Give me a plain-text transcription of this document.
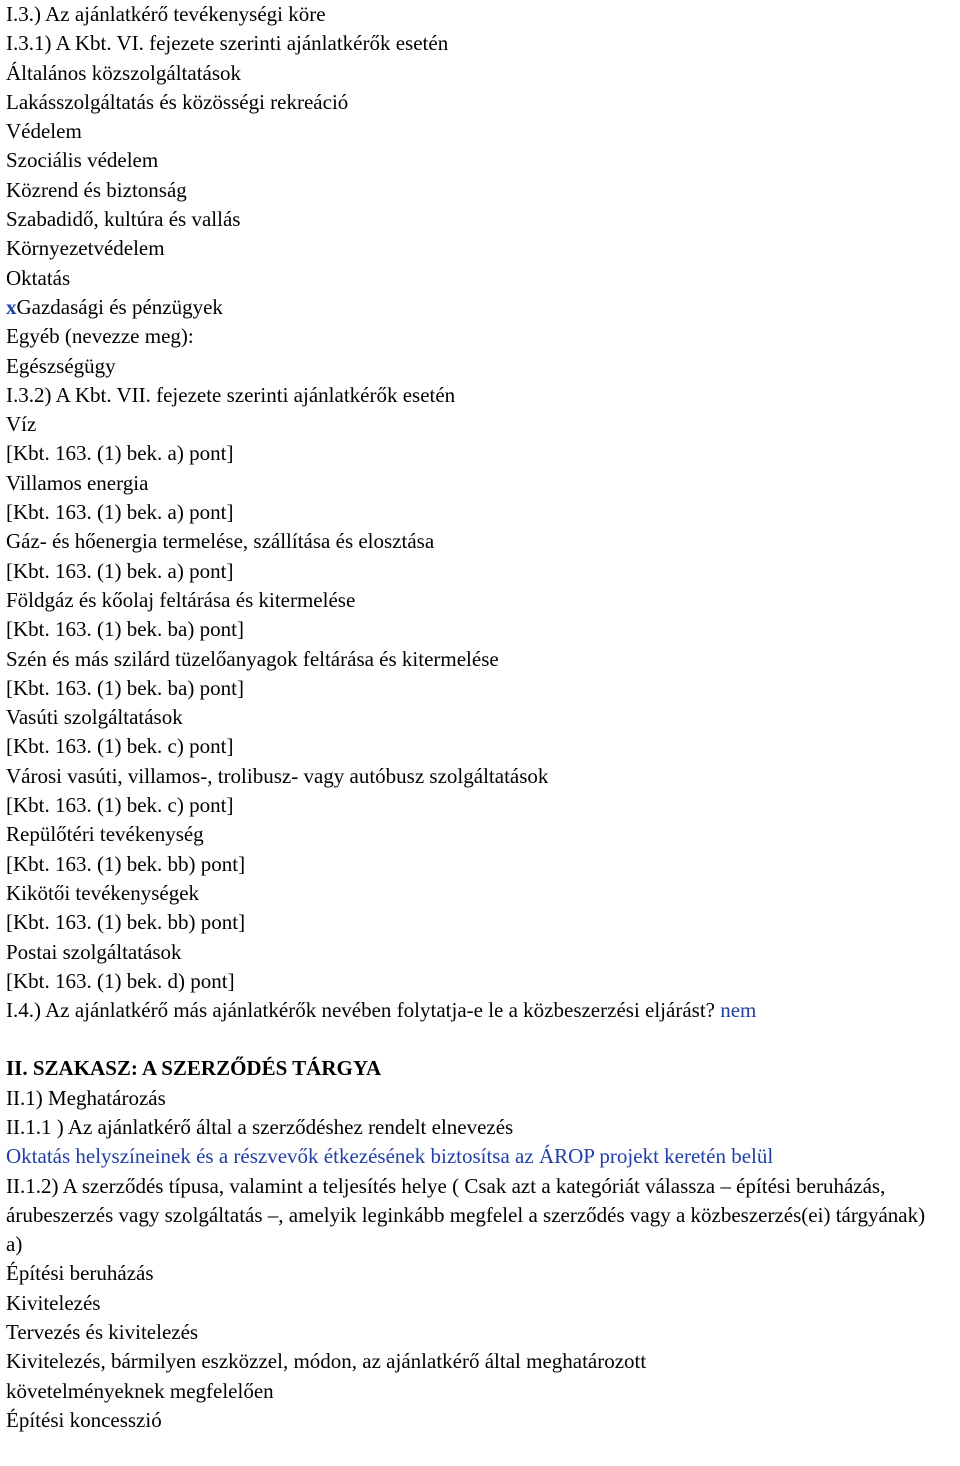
I.3.) Az ajánlatkérő tevékenységi köre
I.3.1) A Kbt. VI. fejezete szerinti ajánlatkérők esetén
Általános közszolgáltatások
Lakásszolgáltatás és közösségi rekreáció
Védelem
Szociális védelem
Közrend és biztonság
Szabadidő, kultúra és vallás
Környezetvédelem
Oktatás
xGazdasági és pénzügyek
Egyéb (nevezze meg):
Egészségügy
I.3.2) A Kbt. VII. fejezete szerinti ajánlatkérők esetén
Víz
[Kbt. 163. (1) bek. a) pont]
Villamos energia
[Kbt. 163. (1) bek. a) pont]
Gáz- és hőenergia termelése, szállítása és elosztása
[Kbt. 163. (1) bek. a) pont]
Földgáz és kőolaj feltárása és kitermelése
[Kbt. 163. (1) bek. ba) pont]
Szén és más szilárd tüzelőanyagok feltárása és kitermelése
[Kbt. 163. (1) bek. ba) pont]
Vasúti szolgáltatások
[Kbt. 163. (1) bek. c) pont]
Városi vasúti, villamos-, trolibusz- vagy autóbusz szolgáltatások
[Kbt. 163. (1) bek. c) pont]
Repülőtéri tevékenység
[Kbt. 163. (1) bek. bb) pont]
Kikötői tevékenységek
[Kbt. 163. (1) bek. bb) pont]
Postai szolgáltatások
[Kbt. 163. (1) bek. d) pont]
I.4.) Az ajánlatkérő más ajánlatkérők nevében folytatja-e le a közbeszerzési eljárást? nem
II. SZAKASZ: A SZERZŐDÉS TÁRGYA
II.1) Meghatározás
II.1.1 ) Az ajánlatkérő által a szerződéshez rendelt elnevezés
Oktatás helyszíneinek és a részvevők étkezésének biztosítsa az ÁROP projekt keretén belül
II.1.2) A szerződés típusa, valamint a teljesítés helye ( Csak azt a kategóriát válassza – építési beruházás, árubeszerzés vagy szolgáltatás –, amelyik leginkább megfelel a szerződés vagy a közbeszerzés(ei) tárgyának)
a)
Építési beruházás
Kivitelezés
Tervezés és kivitelezés
Kivitelezés, bármilyen eszközzel, módon, az ajánlatkérő által meghatározott követelményeknek megfelelően
Építési koncesszió
